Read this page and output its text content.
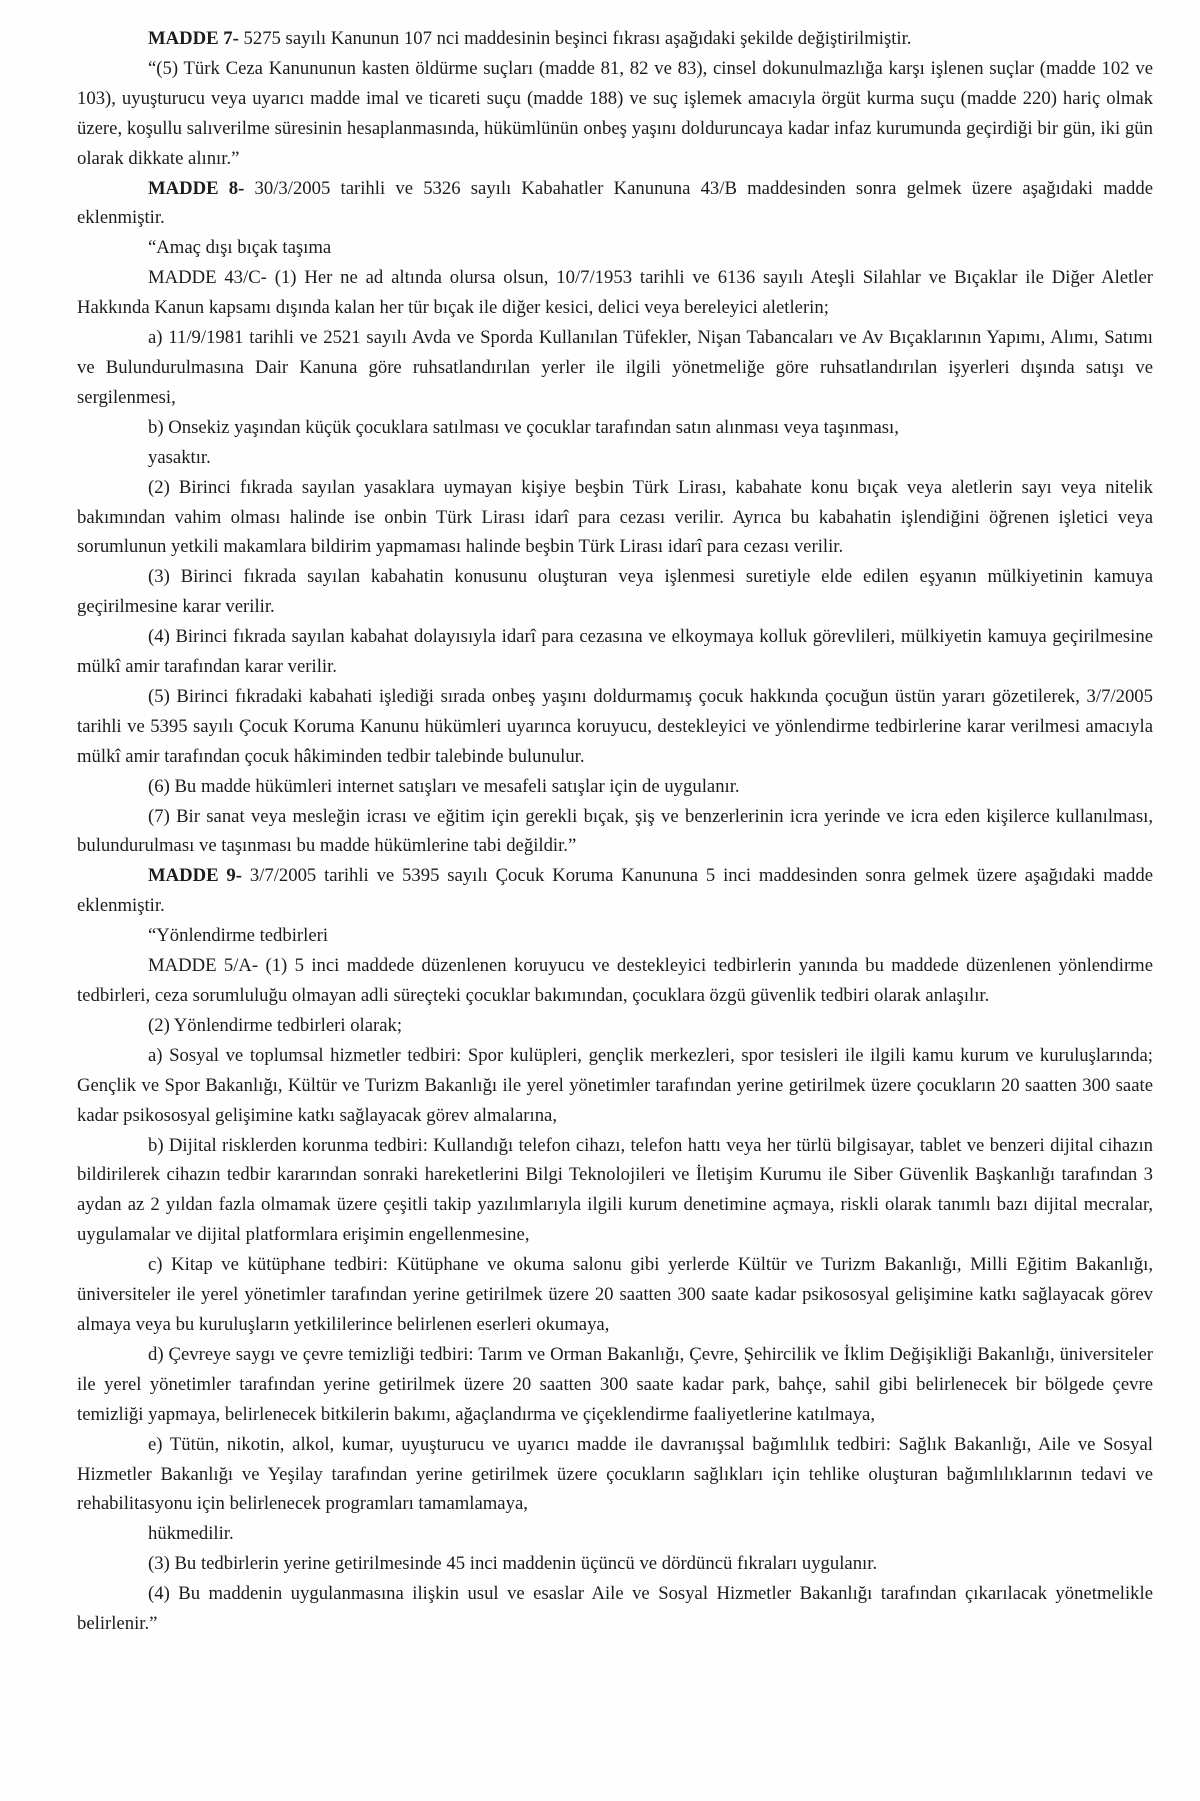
MADDE 7- 5275 sayılı Kanunun 107 nci maddesinin beşinci fıkrası aşağıdaki şekilde değiştirilmiştir.

“(5) Türk Ceza Kanununun kasten öldürme suçları (madde 81, 82 ve 83), cinsel dokunulmazlığa karşı işlenen suçlar (madde 102 ve 103), uyuşturucu veya uyarıcı madde imal ve ticareti suçu (madde 188) ve suç işlemek amacıyla örgüt kurma suçu (madde 220) hariç olmak üzere, koşullu salıverilme süresinin hesaplanmasında, hükümlünün onbeş yaşını dolduruncaya kadar infaz kurumunda geçirdiği bir gün, iki gün olarak dikkate alınır.”

MADDE 8- 30/3/2005 tarihli ve 5326 sayılı Kabahatler Kanununa 43/B maddesinden sonra gelmek üzere aşağıdaki madde eklenmiştir.

“Amaç dışı bıçak taşıma

MADDE 43/C- (1) Her ne ad altında olursa olsun, 10/7/1953 tarihli ve 6136 sayılı Ateşli Silahlar ve Bıçaklar ile Diğer Aletler Hakkında Kanun kapsamı dışında kalan her tür bıçak ile diğer kesici, delici veya bereleyici aletlerin;

a) 11/9/1981 tarihli ve 2521 sayılı Avda ve Sporda Kullanılan Tüfekler, Nişan Tabancaları ve Av Bıçaklarının Yapımı, Alımı, Satımı ve Bulundurulmasına Dair Kanuna göre ruhsatlandırılan yerler ile ilgili yönetmeliğe göre ruhsatlandırılan işyerleri dışında satışı ve sergilenmesi,

b) Onsekiz yaşından küçük çocuklara satılması ve çocuklar tarafından satın alınması veya taşınması,

yasaktır.

(2) Birinci fıkrada sayılan yasaklara uymayan kişiye beşbin Türk Lirası, kabahate konu bıçak veya aletlerin sayı veya nitelik bakımından vahim olması halinde ise onbin Türk Lirası idarî para cezası verilir. Ayrıca bu kabahatin işlendiğini öğrenen işletici veya sorumlunun yetkili makamlara bildirim yapmaması halinde beşbin Türk Lirası idarî para cezası verilir.

(3) Birinci fıkrada sayılan kabahatin konusunu oluşturan veya işlenmesi suretiyle elde edilen eşyanın mülkiyetinin kamuya geçirilmesine karar verilir.

(4) Birinci fıkrada sayılan kabahat dolayısıyla idarî para cezasına ve elkoymaya kolluk görevlileri, mülkiyetin kamuya geçirilmesine mülkî amir tarafından karar verilir.

(5) Birinci fıkradaki kabahati işlediği sırada onbeş yaşını doldurmamış çocuk hakkında çocuğun üstün yararı gözetilerek, 3/7/2005 tarihli ve 5395 sayılı Çocuk Koruma Kanunu hükümleri uyarınca koruyucu, destekleyici ve yönlendirme tedbirlerine karar verilmesi amacıyla mülkî amir tarafından çocuk hâkiminden tedbir talebinde bulunulur.

(6) Bu madde hükümleri internet satışları ve mesafeli satışlar için de uygulanır.

(7) Bir sanat veya mesleğin icrası ve eğitim için gerekli bıçak, şiş ve benzerlerinin icra yerinde ve icra eden kişilerce kullanılması, bulundurulması ve taşınması bu madde hükümlerine tabi değildir.”

MADDE 9- 3/7/2005 tarihli ve 5395 sayılı Çocuk Koruma Kanununa 5 inci maddesinden sonra gelmek üzere aşağıdaki madde eklenmiştir.

“Yönlendirme tedbirleri

MADDE 5/A- (1) 5 inci maddede düzenlenen koruyucu ve destekleyici tedbirlerin yanında bu maddede düzenlenen yönlendirme tedbirleri, ceza sorumluluğu olmayan adli süreçteki çocuklar bakımından, çocuklara özgü güvenlik tedbiri olarak anlaşılır.

(2) Yönlendirme tedbirleri olarak;

a) Sosyal ve toplumsal hizmetler tedbiri: Spor kulüpleri, gençlik merkezleri, spor tesisleri ile ilgili kamu kurum ve kuruluşlarında; Gençlik ve Spor Bakanlığı, Kültür ve Turizm Bakanlığı ile yerel yönetimler tarafından yerine getirilmek üzere çocukların 20 saatten 300 saate kadar psikososyal gelişimine katkı sağlayacak görev almalarına,

b) Dijital risklerden korunma tedbiri: Kullandığı telefon cihazı, telefon hattı veya her türlü bilgisayar, tablet ve benzeri dijital cihazın bildirilerek cihazın tedbir kararından sonraki hareketlerini Bilgi Teknolojileri ve İletişim Kurumu ile Siber Güvenlik Başkanlığı tarafından 3 aydan az 2 yıldan fazla olmamak üzere çeşitli takip yazılımlarıyla ilgili kurum denetimine açmaya, riskli olarak tanımlı bazı dijital mecralar, uygulamalar ve dijital platformlara erişimin engellenmesine,

c) Kitap ve kütüphane tedbiri: Kütüphane ve okuma salonu gibi yerlerde Kültür ve Turizm Bakanlığı, Milli Eğitim Bakanlığı, üniversiteler ile yerel yönetimler tarafından yerine getirilmek üzere 20 saatten 300 saate kadar psikososyal gelişimine katkı sağlayacak görev almaya veya bu kuruluşların yetkililerince belirlenen eserleri okumaya,

d) Çevreye saygı ve çevre temizliği tedbiri: Tarım ve Orman Bakanlığı, Çevre, Şehircilik ve İklim Değişikliği Bakanlığı, üniversiteler ile yerel yönetimler tarafından yerine getirilmek üzere 20 saatten 300 saate kadar park, bahçe, sahil gibi belirlenecek bir bölgede çevre temizliği yapmaya, belirlenecek bitkilerin bakımı, ağaçlandırma ve çiçeklendirme faaliyetlerine katılmaya,

e) Tütün, nikotin, alkol, kumar, uyuşturucu ve uyarıcı madde ile davranışsal bağımlılık tedbiri: Sağlık Bakanlığı, Aile ve Sosyal Hizmetler Bakanlığı ve Yeşilay tarafından yerine getirilmek üzere çocukların sağlıkları için tehlike oluşturan bağımlılıklarının tedavi ve rehabilitasyonu için belirlenecek programları tamamlamaya,

hükmedilir.

(3) Bu tedbirlerin yerine getirilmesinde 45 inci maddenin üçüncü ve dördüncü fıkraları uygulanır.

(4) Bu maddenin uygulanmasına ilişkin usul ve esaslar Aile ve Sosyal Hizmetler Bakanlığı tarafından çıkarılacak yönetmelikle belirlenir.”
